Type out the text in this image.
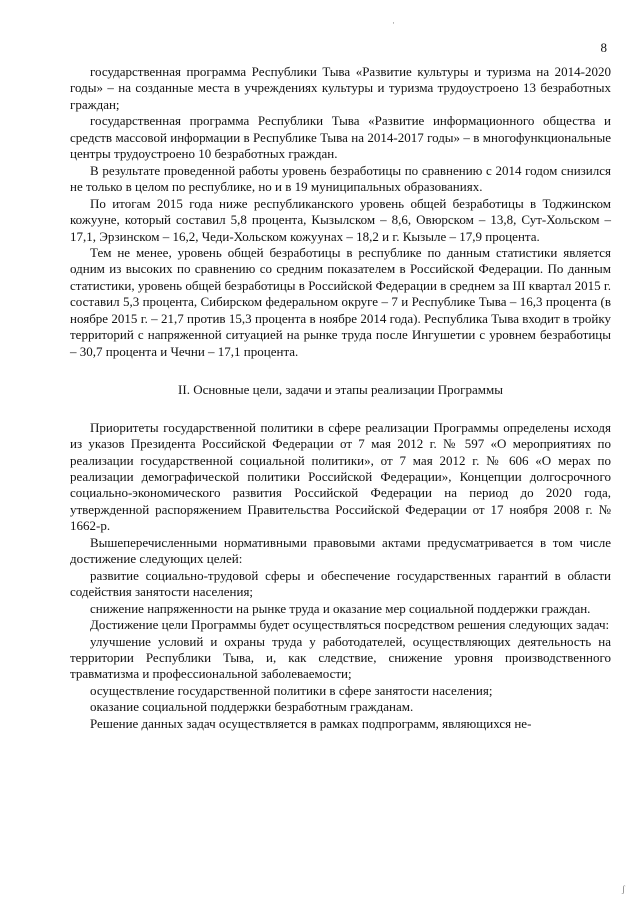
8

государственная программа Республики Тыва «Развитие культуры и туризма на 2014-2020 годы» – на созданные места в учреждениях культуры и туризма трудоустроено 13 безработных граждан;

государственная программа Республики Тыва «Развитие информационного общества и средств массовой информации в Республике Тыва на 2014-2017 годы» – в многофункциональные центры трудоустроено 10 безработных граждан.

В результате проведенной работы уровень безработицы по сравнению с 2014 годом снизился не только в целом по республике, но и в 19 муниципальных образованиях.

По итогам 2015 года ниже республиканского уровень общей безработицы в Тоджинском кожууне, который составил 5,8 процента, Кызылском – 8,6, Овюрском – 13,8, Сут-Хольском – 17,1, Эрзинском – 16,2, Чеди-Хольском кожуунах – 18,2 и г. Кызыле – 17,9 процента.

Тем не менее, уровень общей безработицы в республике по данным статистики является одним из высоких по сравнению со средним показателем в Российской Федерации. По данным статистики, уровень общей безработицы в Российской Федерации в среднем за III квартал 2015 г. составил 5,3 процента, Сибирском федеральном округе – 7 и Республике Тыва – 16,3 процента (в ноябре 2015 г. – 21,7 против 15,3 процента в ноябре 2014 года). Республика Тыва входит в тройку территорий с напряженной ситуацией на рынке труда после Ингушетии с уровнем безработицы – 30,7 процента и Чечни – 17,1 процента.

II. Основные цели, задачи и этапы реализации Программы

Приоритеты государственной политики в сфере реализации Программы определены исходя из указов Президента Российской Федерации от 7 мая 2012 г. № 597 «О мероприятиях по реализации государственной социальной политики», от 7 мая 2012 г. № 606 «О мерах по реализации демографической политики Российской Федерации», Концепции долгосрочного социально-экономического развития Российской Федерации на период до 2020 года, утвержденной распоряжением Правительства Российской Федерации от 17 ноября 2008 г. № 1662-р.

Вышеперечисленными нормативными правовыми актами предусматривается в том числе достижение следующих целей:

развитие социально-трудовой сферы и обеспечение государственных гарантий в области содействия занятости населения;

снижение напряженности на рынке труда и оказание мер социальной поддержки граждан.

Достижение цели Программы будет осуществляться посредством решения следующих задач:

улучшение условий и охраны труда у работодателей, осуществляющих деятельность на территории Республики Тыва, и, как следствие, снижение уровня производственного травматизма и профессиональной заболеваемости;

осуществление государственной политики в сфере занятости населения;

оказание социальной поддержки безработным гражданам.

Решение данных задач осуществляется в рамках подпрограмм, являющихся не-

·
ʃ
